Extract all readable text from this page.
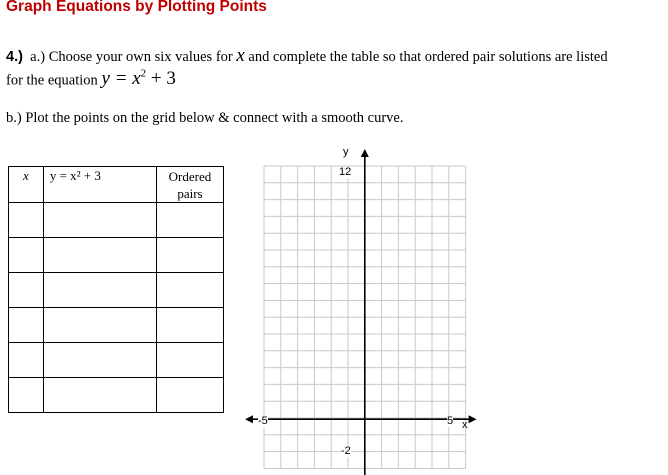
Graph Equations by Plotting Points
4.) a.) Choose your own six values for x and complete the table so that ordered pair solutions are listed
for the equation $y = x^2 + 3$
b.) Plot the points on the grid below & connect with a smooth curve.
x	y = x² + 3	Ordered
pairs

y
x
12
-2
-5	5
